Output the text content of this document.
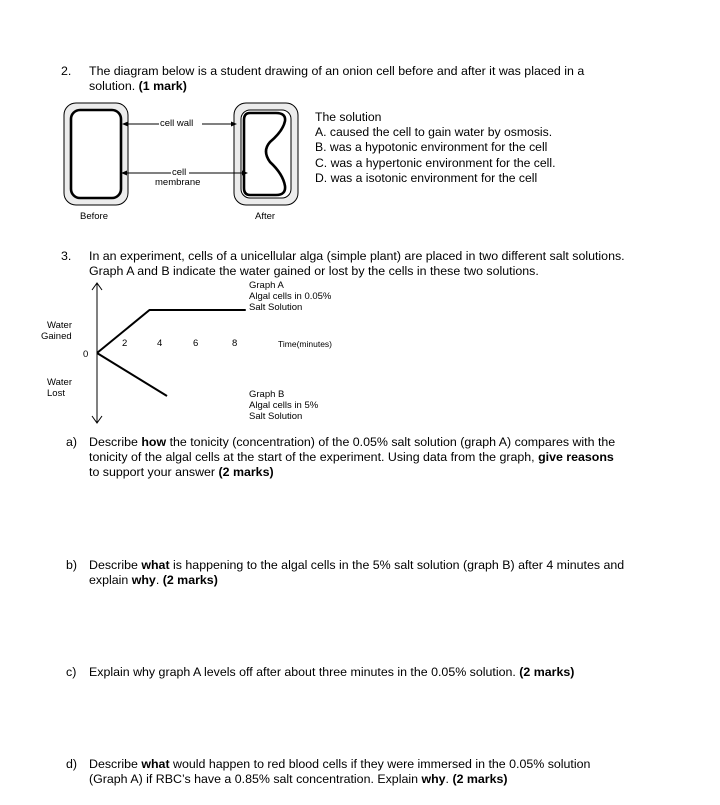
2. The diagram below is a student drawing of an onion cell before and after it was placed in a
solution. (1 mark)
cell wall
cell
membrane
Before	After
The solution
A. caused the cell to gain water by osmosis.
B. was a hypotonic environment for the cell
C. was a hypertonic environment for the cell.
D. was a isotonic environment for the cell
3. In an experiment, cells of a unicellular alga (simple plant) are placed in two different salt solutions.
Graph A and B indicate the water gained or lost by the cells in these two solutions.
Water
Gained
0
Water
Lost
2	4	6	8	Time(minutes)
Graph A
Algal cells in 0.05%
Salt Solution
Graph B
Algal cells in 5%
Salt Solution
a) Describe how the tonicity (concentration) of the 0.05% salt solution (graph A) compares with the
tonicity of the algal cells at the start of the experiment. Using data from the graph, give reasons
to support your answer (2 marks)
b) Describe what is happening to the algal cells in the 5% salt solution (graph B) after 4 minutes and
explain why. (2 marks)
c) Explain why graph A levels off after about three minutes in the 0.05% solution. (2 marks)
d) Describe what would happen to red blood cells if they were immersed in the 0.05% solution
(Graph A) if RBC’s have a 0.85% salt concentration. Explain why. (2 marks)
